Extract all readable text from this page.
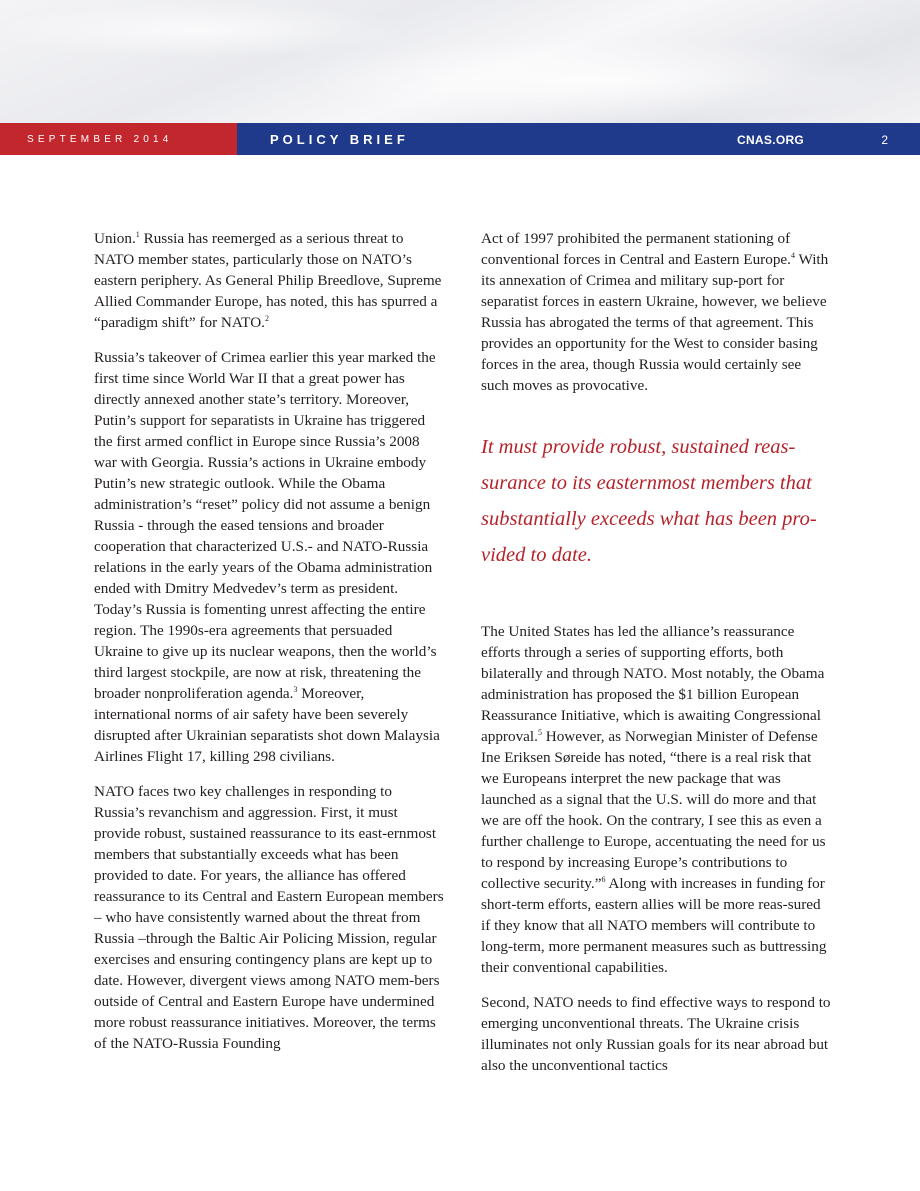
SEPTEMBER 2014	POLICY BRIEF	CNAS.ORG	2

Union.$^1$ Russia has reemerged as a serious threat to NATO member states, particularly those on NATO’s eastern periphery. As General Philip Breedlove, Supreme Allied Commander Europe, has noted, this has spurred a “paradigm shift” for NATO.$^2$

Russia’s takeover of Crimea earlier this year marked the first time since World War II that a great power has directly annexed another state’s territory. Moreover, Putin’s support for separatists in Ukraine has triggered the first armed conflict in Europe since Russia’s 2008 war with Georgia. Russia’s actions in Ukraine embody Putin’s new strategic outlook. While the Obama administration’s “reset” policy did not assume a benign Russia - through the eased tensions and broader cooperation that characterized U.S.- and NATO-Russia relations in the early years of the Obama administration ended with Dmitry Medvedev’s term as president. Today’s Russia is fomenting unrest affecting the entire region. The 1990s-era agreements that persuaded Ukraine to give up its nuclear weapons, then the world’s third largest stockpile, are now at risk, threatening the broader nonproliferation agenda.$^3$ Moreover, international norms of air safety have been severely disrupted after Ukrainian separatists shot down Malaysia Airlines Flight 17, killing 298 civilians.

NATO faces two key challenges in responding to Russia’s revanchism and aggression. First, it must provide robust, sustained reassurance to its east-ernmost members that substantially exceeds what has been provided to date. For years, the alliance has offered reassurance to its Central and Eastern European members – who have consistently warned about the threat from Russia –through the Baltic Air Policing Mission, regular exercises and ensuring contingency plans are kept up to date. However, divergent views among NATO mem-bers outside of Central and Eastern Europe have undermined more robust reassurance initiatives. Moreover, the terms of the NATO-Russia Founding

Act of 1997 prohibited the permanent stationing of conventional forces in Central and Eastern Europe.$^4$ With its annexation of Crimea and military sup-port for separatist forces in eastern Ukraine, however, we believe Russia has abrogated the terms of that agreement. This provides an opportunity for the West to consider basing forces in the area, though Russia would certainly see such moves as provocative.

It must provide robust, sustained reas-surance to its easternmost members that substantially exceeds what has been pro-vided to date.

The United States has led the alliance’s reassurance efforts through a series of supporting efforts, both bilaterally and through NATO. Most notably, the Obama administration has proposed the $1 billion European Reassurance Initiative, which is awaiting Congressional approval.$^5$ However, as Norwegian Minister of Defense Ine Eriksen Søreide has noted, “there is a real risk that we Europeans interpret the new package that was launched as a signal that the U.S. will do more and that we are off the hook. On the contrary, I see this as even a further challenge to Europe, accentuating the need for us to respond by increasing Europe’s contributions to collective security.”$^6$ Along with increases in funding for short-term efforts, eastern allies will be more reas-sured if they know that all NATO members will contribute to long-term, more permanent measures such as buttressing their conventional capabilities.

Second, NATO needs to find effective ways to respond to emerging unconventional threats. The Ukraine crisis illuminates not only Russian goals for its near abroad but also the unconventional tactics
